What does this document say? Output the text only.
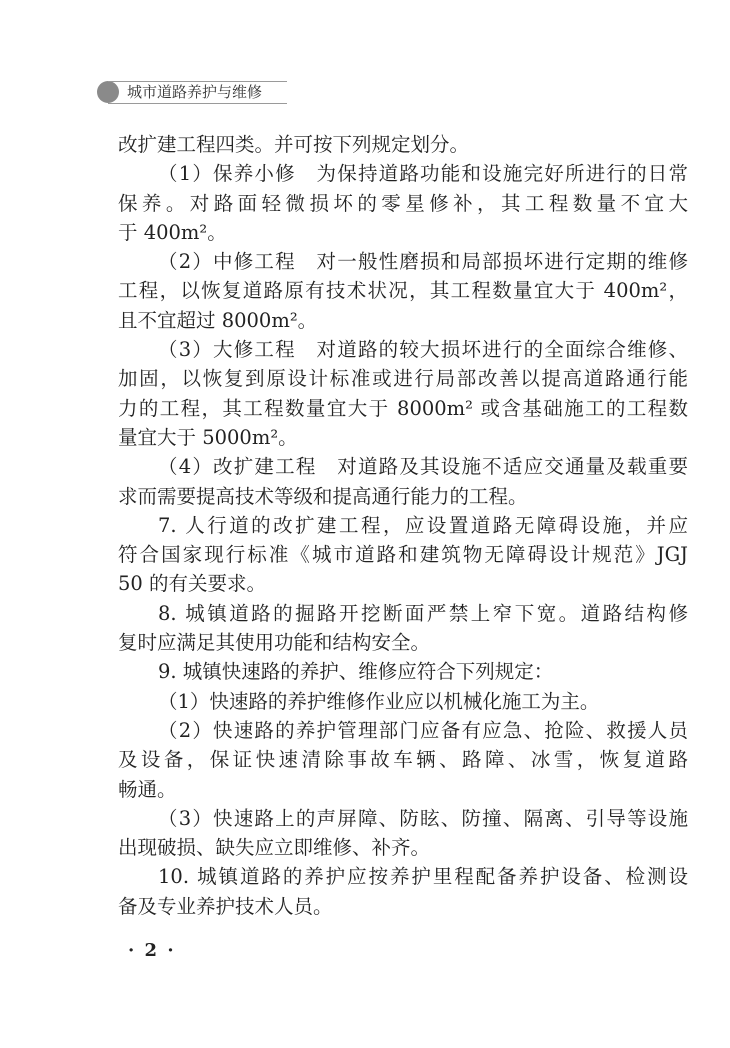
城市道路养护与维修
改扩建工程四类。并可按下列规定划分。
（1）保养小修　为保持道路功能和设施完好所进行的日常
保养。对路面轻微损坏的零星修补，其工程数量不宜大
于 400m²。
（2）中修工程　对一般性磨损和局部损坏进行定期的维修
工程，以恢复道路原有技术状况，其工程数量宜大于 400m²，
且不宜超过 8000m²。
（3）大修工程　对道路的较大损坏进行的全面综合维修、
加固，以恢复到原设计标准或进行局部改善以提高道路通行能
力的工程，其工程数量宜大于 8000m² 或含基础施工的工程数
量宜大于 5000m²。
（4）改扩建工程　对道路及其设施不适应交通量及载重要
求而需要提高技术等级和提高通行能力的工程。
7. 人行道的改扩建工程，应设置道路无障碍设施，并应
符合国家现行标准《城市道路和建筑物无障碍设计规范》JGJ
50 的有关要求。
8. 城镇道路的掘路开挖断面严禁上窄下宽。道路结构修
复时应满足其使用功能和结构安全。
9. 城镇快速路的养护、维修应符合下列规定：
（1）快速路的养护维修作业应以机械化施工为主。
（2）快速路的养护管理部门应备有应急、抢险、救援人员
及设备，保证快速清除事故车辆、路障、冰雪，恢复道路
畅通。
（3）快速路上的声屏障、防眩、防撞、隔离、引导等设施
出现破损、缺失应立即维修、补齐。
10. 城镇道路的养护应按养护里程配备养护设备、检测设
备及专业养护技术人员。
· 2 ·
